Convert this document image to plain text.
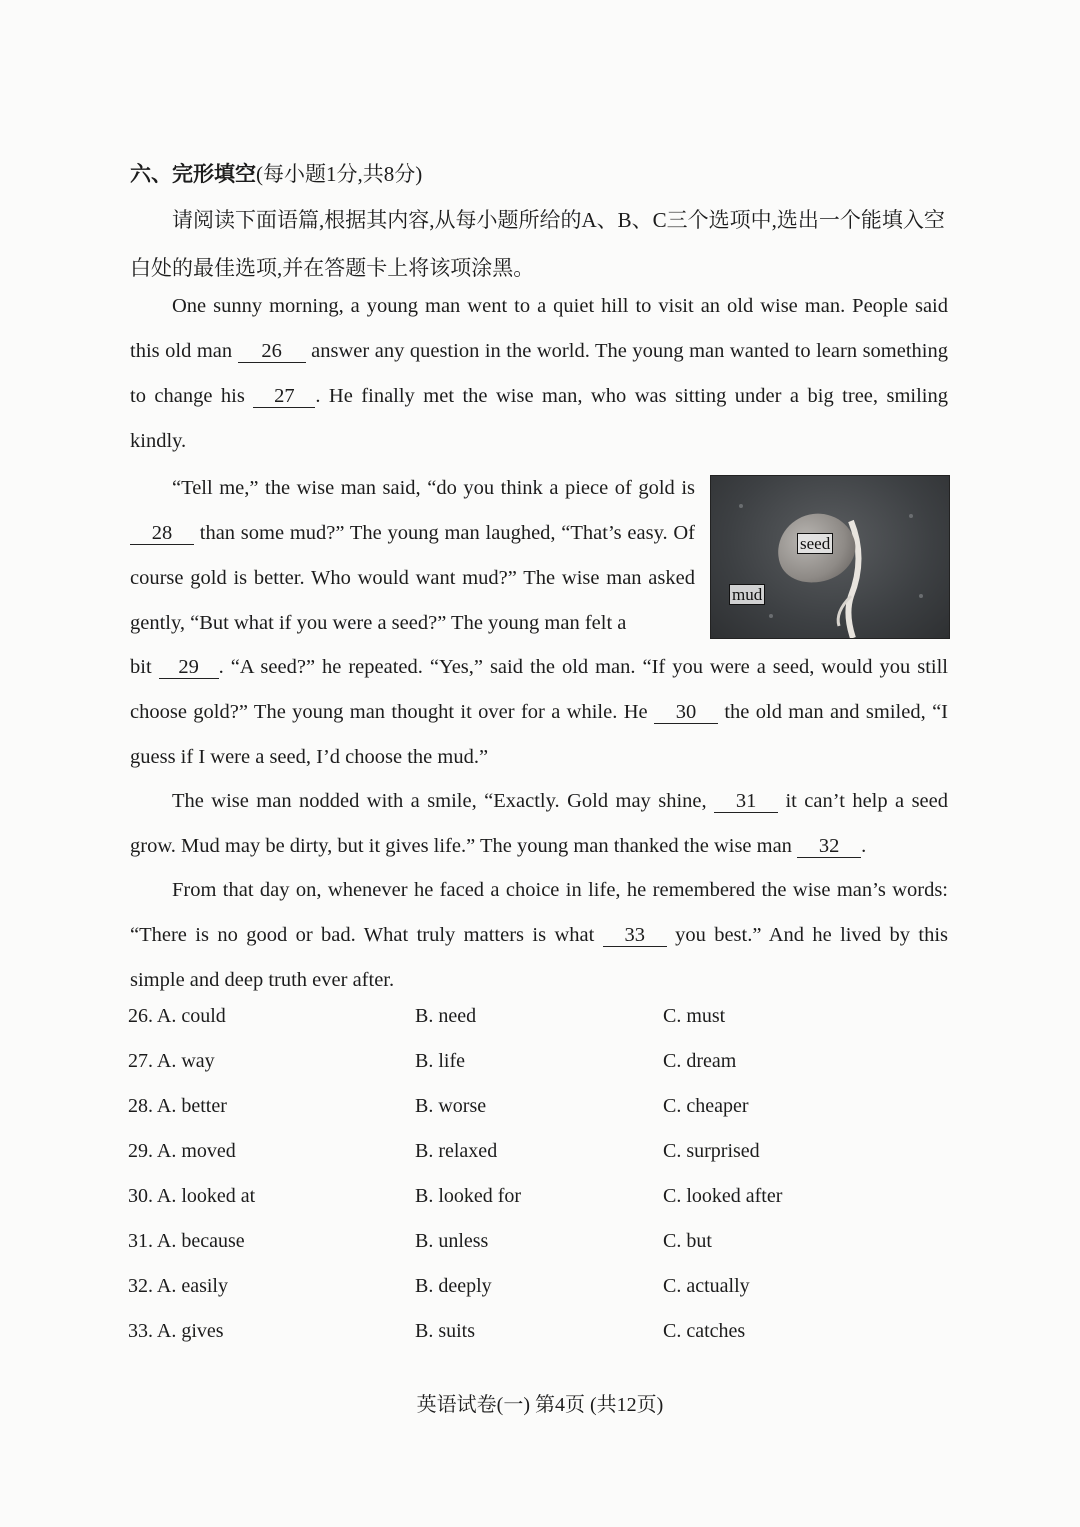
六、完形填空(每小题1分,共8分)
请阅读下面语篇,根据其内容,从每小题所给的A、B、C三个选项中,选出一个能填入空白处的最佳选项,并在答题卡上将该项涂黑。
One sunny morning, a young man went to a quiet hill to visit an old wise man. People said this old man 26 answer any question in the world. The young man wanted to learn something to change his 27 . He finally met the wise man, who was sitting under a big tree, smiling kindly.
“Tell me,” the wise man said, “do you think a piece of gold is 28 than some mud?” The young man laughed, “That’s easy. Of course gold is better. Who would want mud?” The wise man asked gently, “But what if you were a seed?” The young man felt a
seed
mud
bit 29 . “A seed?” he repeated. “Yes,” said the old man. “If you were a seed, would you still choose gold?” The young man thought it over for a while. He 30 the old man and smiled, “I guess if I were a seed, I’d choose the mud.”
The wise man nodded with a smile, “Exactly. Gold may shine, 31 it can’t help a seed grow. Mud may be dirty, but it gives life.” The young man thanked the wise man 32 .
From that day on, whenever he faced a choice in life, he remembered the wise man’s words: “There is no good or bad. What truly matters is what 33 you best.” And he lived by this simple and deep truth ever after.
26. A. could	B. need	C. must
27. A. way	B. life	C. dream
28. A. better	B. worse	C. cheaper
29. A. moved	B. relaxed	C. surprised
30. A. looked at	B. looked for	C. looked after
31. A. because	B. unless	C. but
32. A. easily	B. deeply	C. actually
33. A. gives	B. suits	C. catches
英语试卷(一) 第4页 (共12页)
